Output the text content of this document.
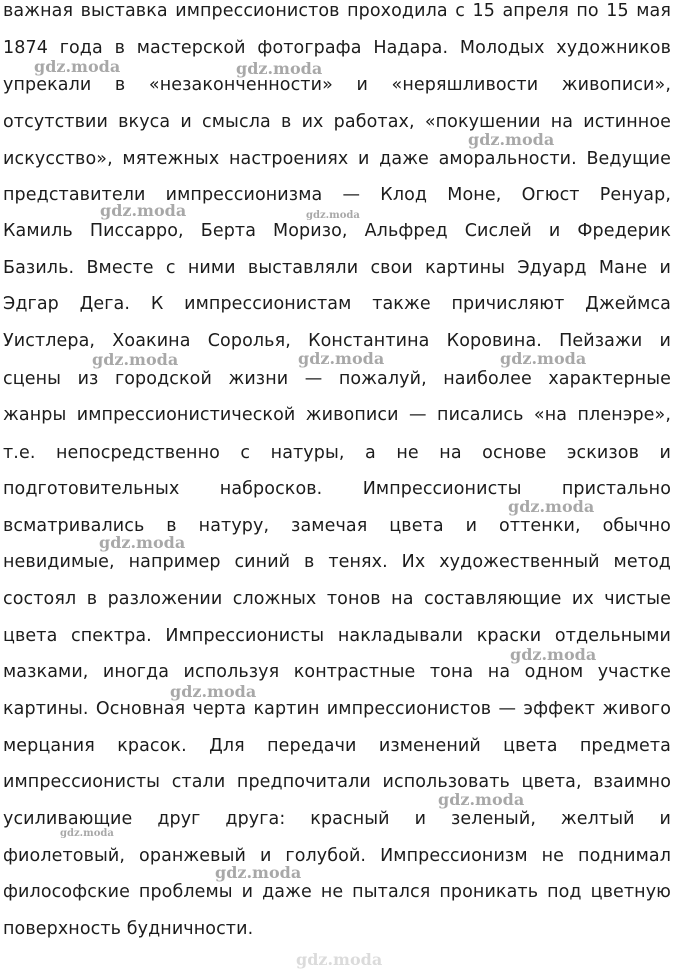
важная выставка импрессионистов проходила с 15 апреля по 15 мая
1874 года в мастерской фотографа Надара. Молодых художников
упрекали в «незаконченности» и «неряшливости живописи»,
отсутствии вкуса и смысла в их работах, «покушении на истинное
искусство», мятежных настроениях и даже аморальности. Ведущие
представители импрессионизма — Клод Моне, Огюст Ренуар,
Камиль Писсарро, Берта Моризо, Альфред Сислей и Фредерик
Базиль. Вместе с ними выставляли свои картины Эдуард Мане и
Эдгар Дега. К импрессионистам также причисляют Джеймса
Уистлера, Хоакина Соролья, Константина Коровина. Пейзажи и
сцены из городской жизни — пожалуй, наиболее характерные
жанры импрессионистической живописи — писались «на пленэре»,
т.е. непосредственно с натуры, а не на основе эскизов и
подготовительных набросков. Импрессионисты пристально
всматривались в натуру, замечая цвета и оттенки, обычно
невидимые, например синий в тенях. Их художественный метод
состоял в разложении сложных тонов на составляющие их чистые
цвета спектра. Импрессионисты накладывали краски отдельными
мазками, иногда используя контрастные тона на одном участке
картины. Основная черта картин импрессионистов — эффект живого
мерцания красок. Для передачи изменений цвета предмета
импрессионисты стали предпочитали использовать цвета, взаимно
усиливающие друг друга: красный и зеленый, желтый и
фиолетовый, оранжевый и голубой. Импрессионизм не поднимал
философские проблемы и даже не пытался проникать под цветную
поверхность будничности.
gdz.moda	gdz.moda
gdz.moda
gdz.moda	gdz.moda
gdz.moda	gdz.moda	gdz.moda
gdz.moda
gdz.moda
gdz.moda
gdz.moda
gdz.moda
gdz.moda
gdz.moda
gdz.moda
